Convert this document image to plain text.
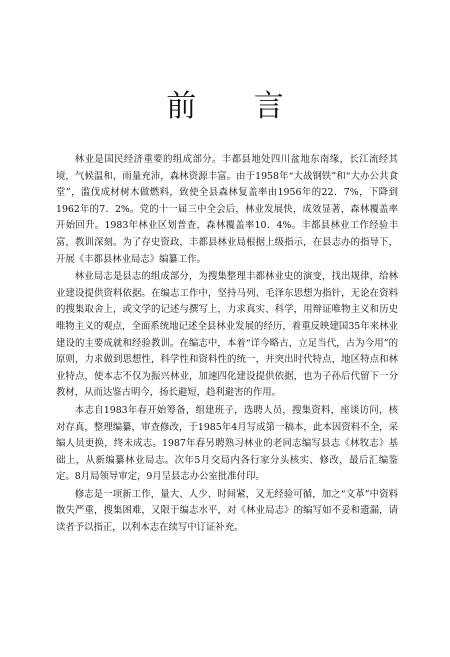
前 言

林业是国民经济重要的组成部分。丰都县地处四川盆地东南缘，长江流经其境，气候温和，雨量充沛，森林资源丰富。由于1958年“大战钢铁”和“大办公共食堂”，滥伐成材树木做燃料，致使全县森林复盖率由1956年的22．7%，下降到1962年的7．2%。党的十一届三中全会后，林业发展快，成效显著，森林覆盖率开始回升。1983年林业区划普查，森林覆盖率10．4%。丰都县林业工作经验丰富，教训深刻。为了存史资政，丰都县林业局根据上级指示，在县志办的指导下，开展《丰都县林业局志》编纂工作。

林业局志是县志的组成部分，为搜集整理丰都林业史的演变，找出规律，给林业建设提供资料依据。在编志工作中，坚持马列、毛泽东思想为指针，无论在资料的搜集取舍上，或文学的记述与撰写上，力求真实、科学，用辩证唯物主义和历史唯物主义的观点，全面系统地记述全县林业发展的经历，着重反映建国35年来林业建设的主要成就和经验教训。在编志中，本着“详今略古，立足当代，古为今用”的原则，力求做到思想性，科学性和资料性的统一，并突出时代特点，地区特点和林业特点，使本志不仅为振兴林业，加速四化建设提供依据，也为子孙后代留下一分教材，从而达鉴古明今，扬长避短，趋利避害的作用。

本志自1983年春开始筹备，组建班子，选聘人员，搜集资料，座谈访问，核对存真，整理编纂，审查修改，于1985年4月写成第一稿本，此本因资料不全，采编人员更换，终未成志。1987年春另聘熟习林业的老同志编写县志《林牧志》基础上，从新编纂林业局志。次年5月交局内各行家分头核实、修改，最后汇编鉴定。8月局领导审定，9月呈县志办公室批准付印。

修志是一项新工作，量大、人少、时间紧，又无经验可循，加之“文革”中资料散失严重，搜集困难，又限于编志水平，对《林业局志》的编写如不妥和遗漏，请读者予以指正，以利本志在续写中订证补充。
